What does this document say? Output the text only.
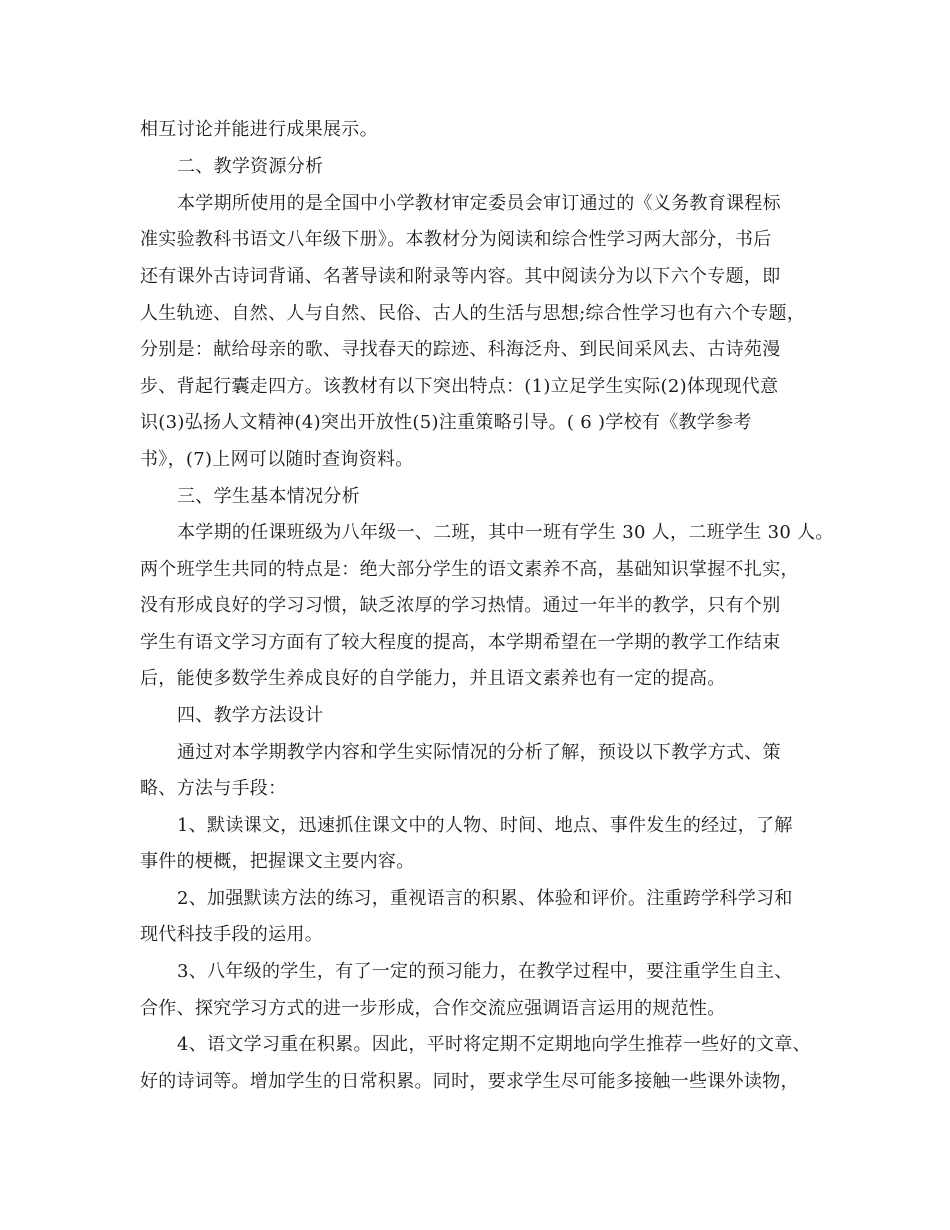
相互讨论并能进行成果展示。
二、教学资源分析
本学期所使用的是全国中小学教材审定委员会审订通过的《义务教育课程标
准实验教科书语文八年级下册》。本教材分为阅读和综合性学习两大部分，书后
还有课外古诗词背诵、名著导读和附录等内容。其中阅读分为以下六个专题，即
人生轨迹、自然、人与自然、民俗、古人的生活与思想;综合性学习也有六个专题，
分别是：献给母亲的歌、寻找春天的踪迹、科海泛舟、到民间采风去、古诗苑漫
步、背起行囊走四方。该教材有以下突出特点：(1)立足学生实际(2)体现现代意
识(3)弘扬人文精神(4)突出开放性(5)注重策略引导。( 6 )学校有《教学参考
书》，(7)上网可以随时查询资料。
三、学生基本情况分析
本学期的任课班级为八年级一、二班，其中一班有学生 30 人，二班学生 30 人。
两个班学生共同的特点是：绝大部分学生的语文素养不高，基础知识掌握不扎实，
没有形成良好的学习习惯，缺乏浓厚的学习热情。通过一年半的教学，只有个别
学生有语文学习方面有了较大程度的提高，本学期希望在一学期的教学工作结束
后，能使多数学生养成良好的自学能力，并且语文素养也有一定的提高。
四、教学方法设计
通过对本学期教学内容和学生实际情况的分析了解，预设以下教学方式、策
略、方法与手段：
1、默读课文，迅速抓住课文中的人物、时间、地点、事件发生的经过，了解
事件的梗概，把握课文主要内容。
2、加强默读方法的练习，重视语言的积累、体验和评价。注重跨学科学习和
现代科技手段的运用。
3、八年级的学生，有了一定的预习能力，在教学过程中，要注重学生自主、
合作、探究学习方式的进一步形成，合作交流应强调语言运用的规范性。
4、语文学习重在积累。因此，平时将定期不定期地向学生推荐一些好的文章、
好的诗词等。增加学生的日常积累。同时，要求学生尽可能多接触一些课外读物，
